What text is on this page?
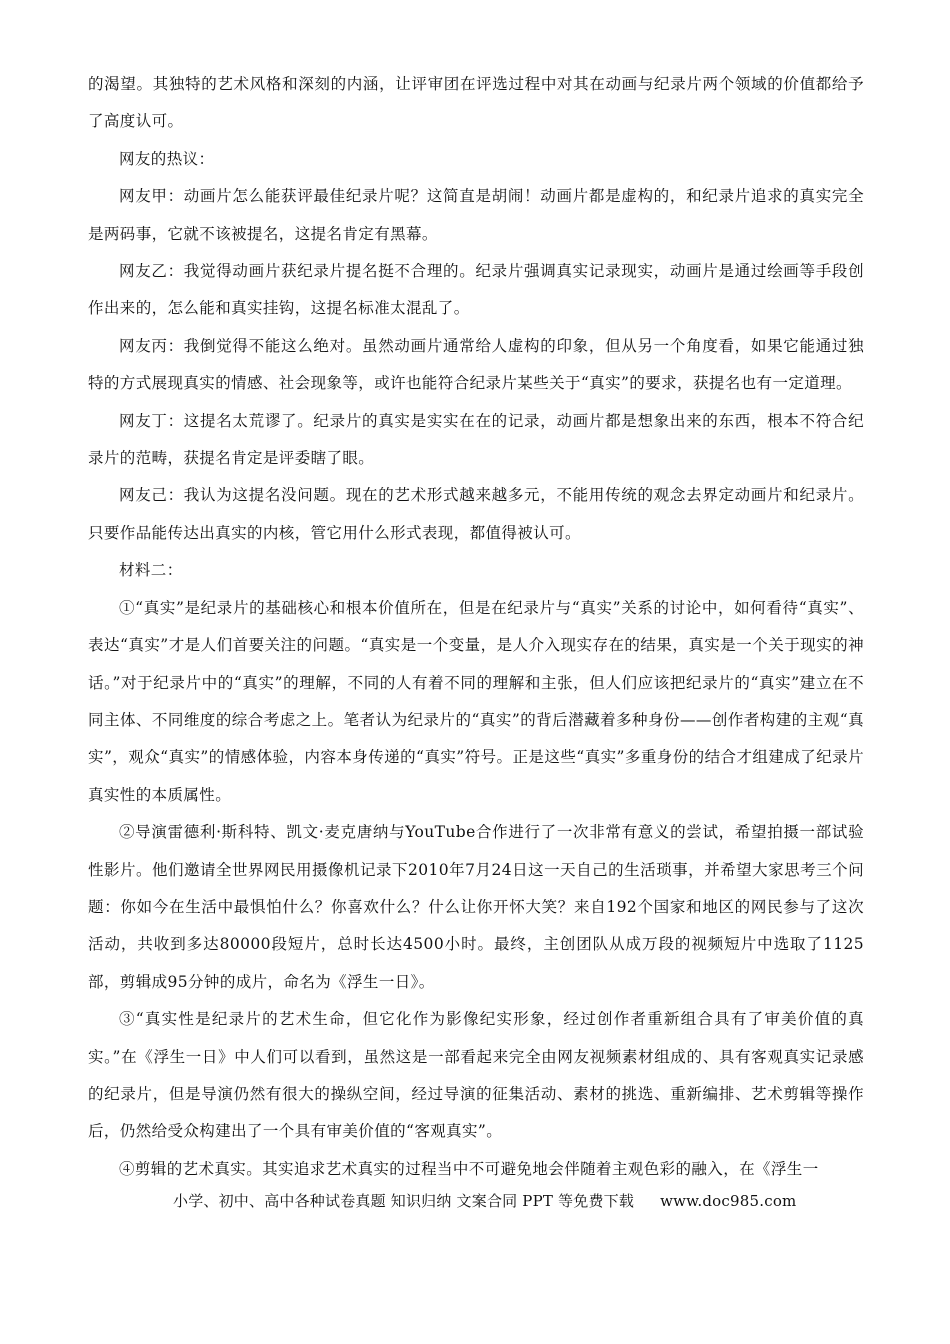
的渴望。其独特的艺术风格和深刻的内涵，让评审团在评选过程中对其在动画与纪录片两个领域的价值都给予了高度认可。

网友的热议：

网友甲：动画片怎么能获评最佳纪录片呢？这简直是胡闹！动画片都是虚构的，和纪录片追求的真实完全是两码事，它就不该被提名，这提名肯定有黑幕。

网友乙：我觉得动画片获纪录片提名挺不合理的。纪录片强调真实记录现实，动画片是通过绘画等手段创作出来的，怎么能和真实挂钩，这提名标准太混乱了。

网友丙：我倒觉得不能这么绝对。虽然动画片通常给人虚构的印象，但从另一个角度看，如果它能通过独特的方式展现真实的情感、社会现象等，或许也能符合纪录片某些关于“真实”的要求，获提名也有一定道理。

网友丁：这提名太荒谬了。纪录片的真实是实实在在的记录，动画片都是想象出来的东西，根本不符合纪录片的范畴，获提名肯定是评委瞎了眼。

网友己：我认为这提名没问题。现在的艺术形式越来越多元，不能用传统的观念去界定动画片和纪录片。只要作品能传达出真实的内核，管它用什么形式表现，都值得被认可。

材料二：

①“真实”是纪录片的基础核心和根本价值所在，但是在纪录片与“真实”关系的讨论中，如何看待“真实”、表达“真实”才是人们首要关注的问题。“真实是一个变量，是人介入现实存在的结果，真实是一个关于现实的神话。”对于纪录片中的“真实”的理解，不同的人有着不同的理解和主张，但人们应该把纪录片的“真实”建立在不同主体、不同维度的综合考虑之上。笔者认为纪录片的“真实”的背后潜藏着多种身份——创作者构建的主观“真实”，观众“真实”的情感体验，内容本身传递的“真实”符号。正是这些“真实”多重身份的结合才组建成了纪录片真实性的本质属性。

②导演雷德利·斯科特、凯文·麦克唐纳与YouTube合作进行了一次非常有意义的尝试，希望拍摄一部试验性影片。他们邀请全世界网民用摄像机记录下2010年7月24日这一天自己的生活琐事，并希望大家思考三个问题：你如今在生活中最惧怕什么？你喜欢什么？什么让你开怀大笑？来自192个国家和地区的网民参与了这次活动，共收到多达80000段短片，总时长达4500小时。最终，主创团队从成万段的视频短片中选取了1125部，剪辑成95分钟的成片，命名为《浮生一日》。

③“真实性是纪录片的艺术生命，但它化作为影像纪实形象，经过创作者重新组合具有了审美价值的真实。”在《浮生一日》中人们可以看到，虽然这是一部看起来完全由网友视频素材组成的、具有客观真实记录感的纪录片，但是导演仍然有很大的操纵空间，经过导演的征集活动、素材的挑选、重新编排、艺术剪辑等操作后，仍然给受众构建出了一个具有审美价值的“客观真实”。

④剪辑的艺术真实。其实追求艺术真实的过程当中不可避免地会伴随着主观色彩的融入，在《浮生一

小学、初中、高中各种试卷真题 知识归纳 文案合同 PPT 等免费下载 www.doc985.com
